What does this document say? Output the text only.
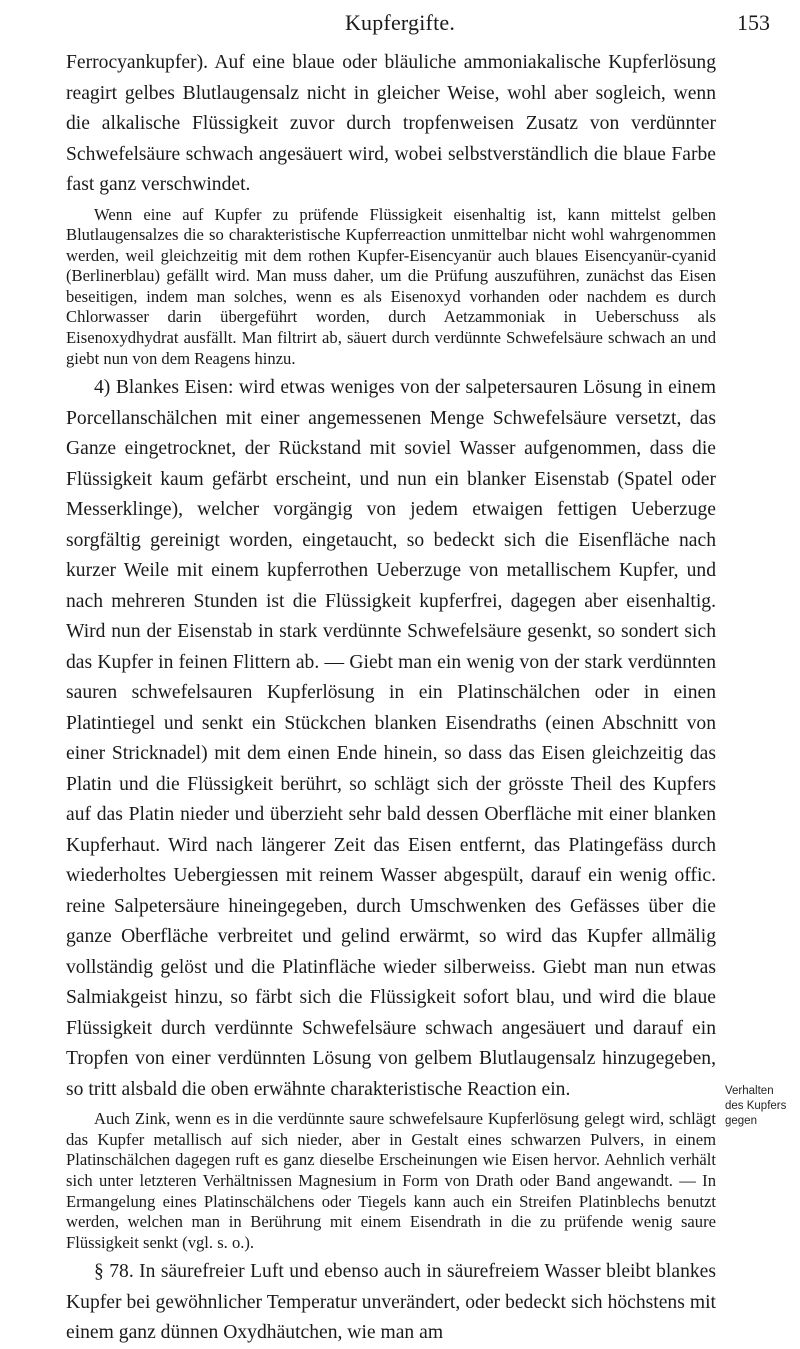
Kupfergifte.	153

Ferrocyankupfer). Auf eine blaue oder bläuliche ammoniakalische Kupferlösung reagirt gelbes Blutlaugensalz nicht in gleicher Weise, wohl aber sogleich, wenn die alkalische Flüssigkeit zuvor durch tropfenweisen Zusatz von verdünnter Schwefelsäure schwach angesäuert wird, wobei selbstverständlich die blaue Farbe fast ganz verschwindet.

Wenn eine auf Kupfer zu prüfende Flüssigkeit eisenhaltig ist, kann mittelst gelben Blutlaugensalzes die so charakteristische Kupferreaction unmittelbar nicht wohl wahrgenommen werden, weil gleichzeitig mit dem rothen Kupfer-Eisencyanür auch blaues Eisencyanür-cyanid (Berlinerblau) gefällt wird. Man muss daher, um die Prüfung auszuführen, zunächst das Eisen beseitigen, indem man solches, wenn es als Eisenoxyd vorhanden oder nachdem es durch Chlorwasser darin übergeführt worden, durch Aetzammoniak in Ueberschuss als Eisenoxydhydrat ausfällt. Man filtrirt ab, säuert durch verdünnte Schwefelsäure schwach an und giebt nun von dem Reagens hinzu.

4) Blankes Eisen: wird etwas weniges von der salpetersauren Lösung in einem Porcellanschälchen mit einer angemessenen Menge Schwefelsäure versetzt, das Ganze eingetrocknet, der Rückstand mit soviel Wasser aufgenommen, dass die Flüssigkeit kaum gefärbt erscheint, und nun ein blanker Eisenstab (Spatel oder Messerklinge), welcher vorgängig von jedem etwaigen fettigen Ueberzuge sorgfältig gereinigt worden, eingetaucht, so bedeckt sich die Eisenfläche nach kurzer Weile mit einem kupferrothen Ueberzuge von metallischem Kupfer, und nach mehreren Stunden ist die Flüssigkeit kupferfrei, dagegen aber eisenhaltig. Wird nun der Eisenstab in stark verdünnte Schwefelsäure gesenkt, so sondert sich das Kupfer in feinen Flittern ab. — Giebt man ein wenig von der stark verdünnten sauren schwefelsauren Kupferlösung in ein Platinschälchen oder in einen Platintiegel und senkt ein Stückchen blanken Eisendraths (einen Abschnitt von einer Stricknadel) mit dem einen Ende hinein, so dass das Eisen gleichzeitig das Platin und die Flüssigkeit berührt, so schlägt sich der grösste Theil des Kupfers auf das Platin nieder und überzieht sehr bald dessen Oberfläche mit einer blanken Kupferhaut. Wird nach längerer Zeit das Eisen entfernt, das Platingefäss durch wiederholtes Uebergiessen mit reinem Wasser abgespült, darauf ein wenig offic. reine Salpetersäure hineingegeben, durch Umschwenken des Gefässes über die ganze Oberfläche verbreitet und gelind erwärmt, so wird das Kupfer allmälig vollständig gelöst und die Platinfläche wieder silberweiss. Giebt man nun etwas Salmiakgeist hinzu, so färbt sich die Flüssigkeit sofort blau, und wird die blaue Flüssigkeit durch verdünnte Schwefelsäure schwach angesäuert und darauf ein Tropfen von einer verdünnten Lösung von gelbem Blutlaugensalz hinzugegeben, so tritt alsbald die oben erwähnte charakteristische Reaction ein.

Auch Zink, wenn es in die verdünnte saure schwefelsaure Kupferlösung gelegt wird, schlägt das Kupfer metallisch auf sich nieder, aber in Gestalt eines schwarzen Pulvers, in einem Platinschälchen dagegen ruft es ganz dieselbe Erscheinungen wie Eisen hervor. Aehnlich verhält sich unter letzteren Verhältnissen Magnesium in Form von Drath oder Band angewandt. — In Ermangelung eines Platinschälchens oder Tiegels kann auch ein Streifen Platinblechs benutzt werden, welchen man in Berührung mit einem Eisendrath in die zu prüfende wenig saure Flüssigkeit senkt (vgl. s. o.).

§ 78. In säurefreier Luft und ebenso auch in säurefreiem Wasser bleibt blankes Kupfer bei gewöhnlicher Temperatur unverändert, oder bedeckt sich höchstens mit einem ganz dünnen Oxydhäutchen, wie man am

Verhalten
des Kupfers
gegen
